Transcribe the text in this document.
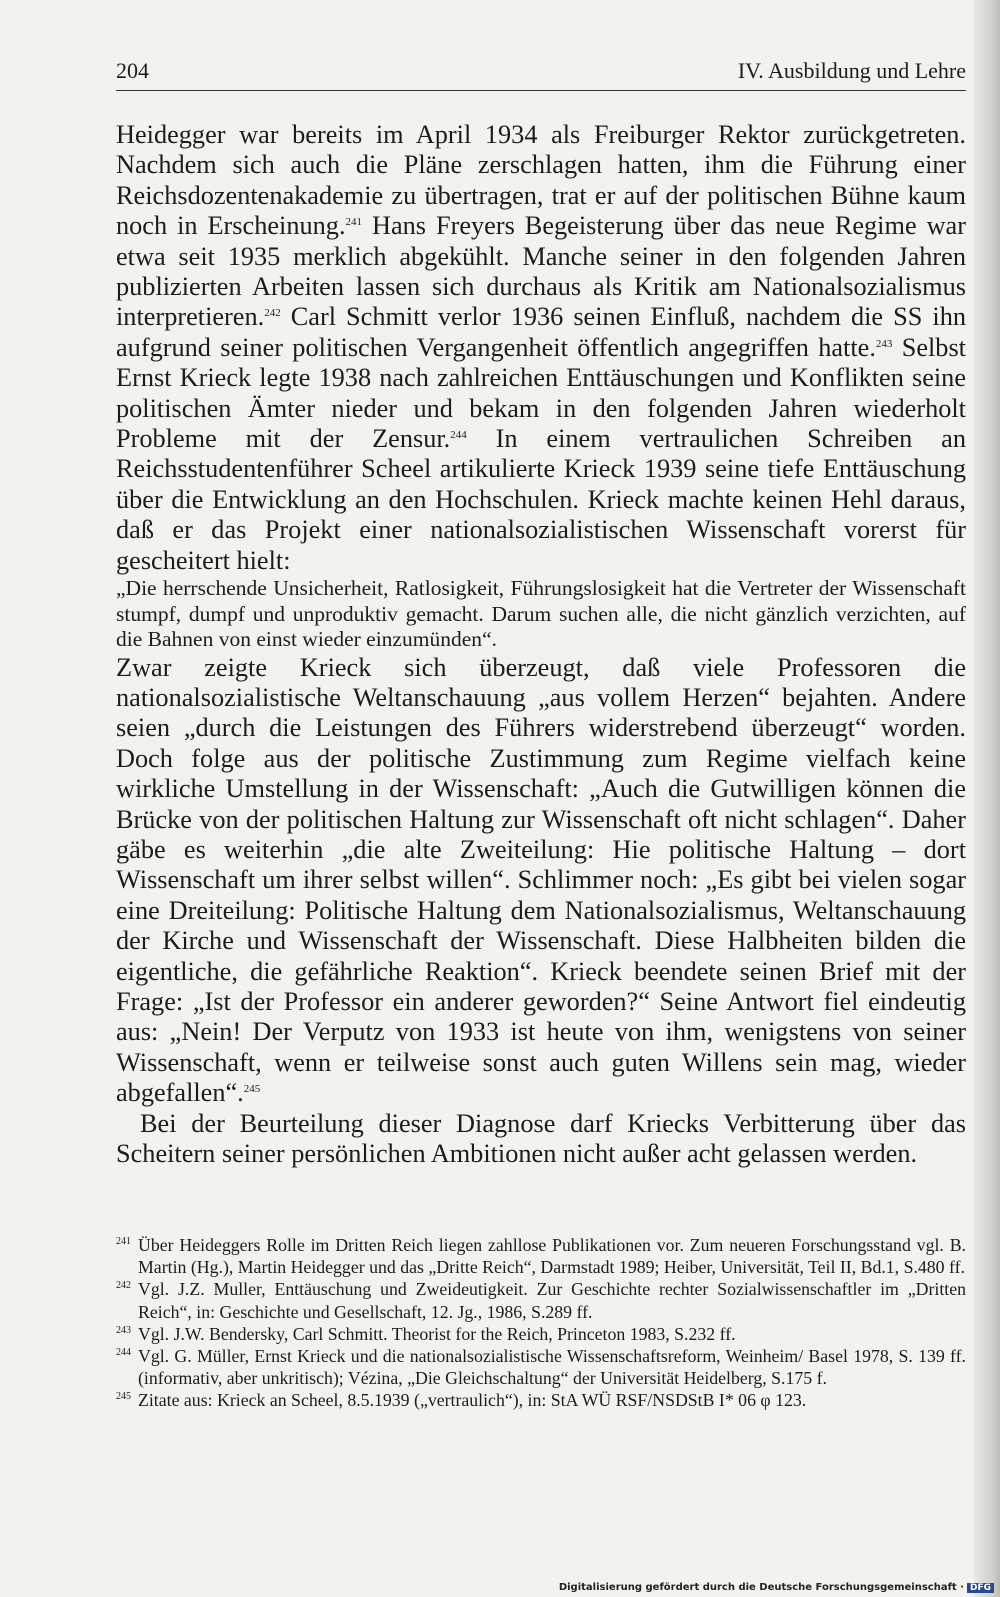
204	IV. Ausbildung und Lehre

Heidegger war bereits im April 1934 als Freiburger Rektor zurückgetreten. Nachdem sich auch die Pläne zerschlagen hatten, ihm die Führung einer Reichsdozentenakademie zu übertragen, trat er auf der politischen Bühne kaum noch in Erscheinung.$^{241}$ Hans Freyers Begeisterung über das neue Regime war etwa seit 1935 merklich abgekühlt. Manche seiner in den folgenden Jahren publizierten Arbeiten lassen sich durchaus als Kritik am Nationalsozialismus interpretieren.$^{242}$ Carl Schmitt verlor 1936 seinen Einfluß, nachdem die SS ihn aufgrund seiner politischen Vergangenheit öffentlich angegriffen hatte.$^{243}$ Selbst Ernst Krieck legte 1938 nach zahlreichen Enttäuschungen und Konflikten seine politischen Ämter nieder und bekam in den folgenden Jahren wiederholt Probleme mit der Zensur.$^{244}$ In einem vertraulichen Schreiben an Reichsstudentenführer Scheel artikulierte Krieck 1939 seine tiefe Enttäuschung über die Entwicklung an den Hochschulen. Krieck machte keinen Hehl daraus, daß er das Projekt einer nationalsozialistischen Wissenschaft vorerst für gescheitert hielt:

„Die herrschende Unsicherheit, Ratlosigkeit, Führungslosigkeit hat die Vertreter der Wissenschaft stumpf, dumpf und unproduktiv gemacht. Darum suchen alle, die nicht gänzlich verzichten, auf die Bahnen von einst wieder einzumünden“.

Zwar zeigte Krieck sich überzeugt, daß viele Professoren die nationalsozialistische Weltanschauung „aus vollem Herzen“ bejahten. Andere seien „durch die Leistungen des Führers widerstrebend überzeugt“ worden. Doch folge aus der politische Zustimmung zum Regime vielfach keine wirkliche Umstellung in der Wissenschaft: „Auch die Gutwilligen können die Brücke von der politischen Haltung zur Wissenschaft oft nicht schlagen“. Daher gäbe es weiterhin „die alte Zweiteilung: Hie politische Haltung – dort Wissenschaft um ihrer selbst willen“. Schlimmer noch: „Es gibt bei vielen sogar eine Dreiteilung: Politische Haltung dem Nationalsozialismus, Weltanschauung der Kirche und Wissenschaft der Wissenschaft. Diese Halbheiten bilden die eigentliche, die gefährliche Reaktion“. Krieck beendete seinen Brief mit der Frage: „Ist der Professor ein anderer geworden?“ Seine Antwort fiel eindeutig aus: „Nein! Der Verputz von 1933 ist heute von ihm, wenigstens von seiner Wissenschaft, wenn er teilweise sonst auch guten Willens sein mag, wieder abgefallen“.$^{245}$

Bei der Beurteilung dieser Diagnose darf Kriecks Verbitterung über das Scheitern seiner persönlichen Ambitionen nicht außer acht gelassen werden.

241 Über Heideggers Rolle im Dritten Reich liegen zahllose Publikationen vor. Zum neueren Forschungsstand vgl. B. Martin (Hg.), Martin Heidegger und das „Dritte Reich“, Darmstadt 1989; Heiber, Universität, Teil II, Bd.1, S.480 ff.
242 Vgl. J.Z. Muller, Enttäuschung und Zweideutigkeit. Zur Geschichte rechter Sozialwissenschaftler im „Dritten Reich“, in: Geschichte und Gesellschaft, 12. Jg., 1986, S.289 ff.
243 Vgl. J.W. Bendersky, Carl Schmitt. Theorist for the Reich, Princeton 1983, S.232 ff.
244 Vgl. G. Müller, Ernst Krieck und die nationalsozialistische Wissenschaftsreform, Weinheim/ Basel 1978, S. 139 ff. (informativ, aber unkritisch); Vézina, „Die Gleichschaltung“ der Universität Heidelberg, S.175 f.
245 Zitate aus: Krieck an Scheel, 8.5.1939 („vertraulich“), in: StA WÜ RSF/NSDStB I* 06 φ 123.
Digitalisierung gefördert durch die Deutsche Forschungsgemeinschaft · DFG
